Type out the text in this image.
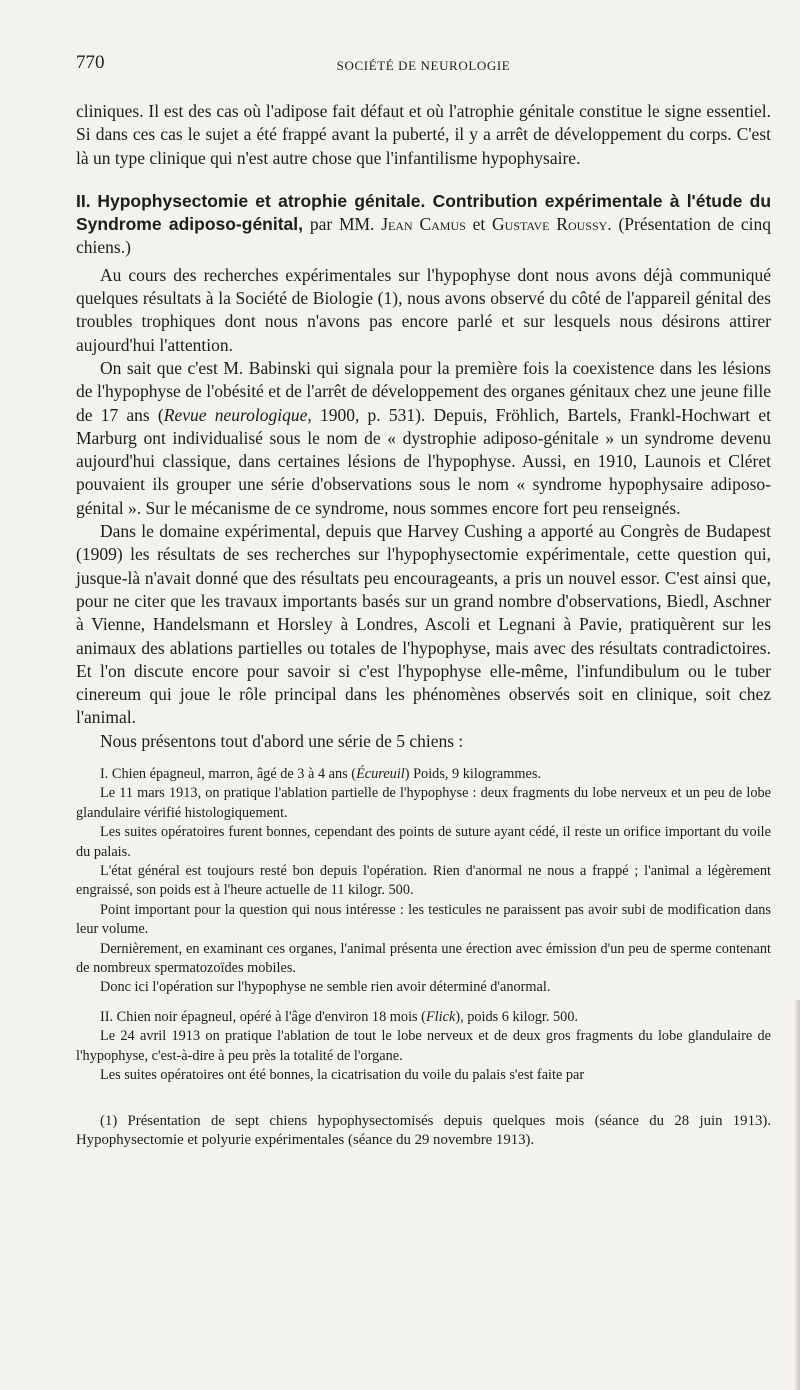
770	SOCIÉTÉ DE NEUROLOGIE

cliniques. Il est des cas où l'adipose fait défaut et où l'atrophie génitale constitue le signe essentiel. Si dans ces cas le sujet a été frappé avant la puberté, il y a arrêt de développement du corps. C'est là un type clinique qui n'est autre chose que l'infantilisme hypophysaire.

II. Hypophysectomie et atrophie génitale. Contribution expérimentale à l'étude du Syndrome adiposo-génital, par MM. Jean Camus et Gustave Roussy. (Présentation de cinq chiens.)

Au cours des recherches expérimentales sur l'hypophyse dont nous avons déjà communiqué quelques résultats à la Société de Biologie (1), nous avons observé du côté de l'appareil génital des troubles trophiques dont nous n'avons pas encore parlé et sur lesquels nous désirons attirer aujourd'hui l'attention.

On sait que c'est M. Babinski qui signala pour la première fois la coexistence dans les lésions de l'hypophyse de l'obésité et de l'arrêt de développement des organes génitaux chez une jeune fille de 17 ans (Revue neurologique, 1900, p. 531). Depuis, Fröhlich, Bartels, Frankl-Hochwart et Marburg ont individualisé sous le nom de « dystrophie adiposo-génitale » un syndrome devenu aujourd'hui classique, dans certaines lésions de l'hypophyse. Aussi, en 1910, Launois et Cléret pouvaient ils grouper une série d'observations sous le nom « syndrome hypophysaire adiposo-génital ». Sur le mécanisme de ce syndrome, nous sommes encore fort peu renseignés.

Dans le domaine expérimental, depuis que Harvey Cushing a apporté au Congrès de Budapest (1909) les résultats de ses recherches sur l'hypophysectomie expérimentale, cette question qui, jusque-là n'avait donné que des résultats peu encourageants, a pris un nouvel essor. C'est ainsi que, pour ne citer que les travaux importants basés sur un grand nombre d'observations, Biedl, Aschner à Vienne, Handelsmann et Horsley à Londres, Ascoli et Legnani à Pavie, pratiquèrent sur les animaux des ablations partielles ou totales de l'hypophyse, mais avec des résultats contradictoires. Et l'on discute encore pour savoir si c'est l'hypophyse elle-même, l'infundibulum ou le tuber cinereum qui joue le rôle principal dans les phénomènes observés soit en clinique, soit chez l'animal.

Nous présentons tout d'abord une série de 5 chiens :

I. Chien épagneul, marron, âgé de 3 à 4 ans (Écureuil) Poids, 9 kilogrammes.

Le 11 mars 1913, on pratique l'ablation partielle de l'hypophyse : deux fragments du lobe nerveux et un peu de lobe glandulaire vérifié histologiquement.

Les suites opératoires furent bonnes, cependant des points de suture ayant cédé, il reste un orifice important du voile du palais.

L'état général est toujours resté bon depuis l'opération. Rien d'anormal ne nous a frappé ; l'animal a légèrement engraissé, son poids est à l'heure actuelle de 11 kilogr. 500.

Point important pour la question qui nous intéresse : les testicules ne paraissent pas avoir subi de modification dans leur volume.

Dernièrement, en examinant ces organes, l'animal présenta une érection avec émission d'un peu de sperme contenant de nombreux spermatozoïdes mobiles.

Donc ici l'opération sur l'hypophyse ne semble rien avoir déterminé d'anormal.

II. Chien noir épagneul, opéré à l'âge d'environ 18 mois (Flick), poids 6 kilogr. 500.

Le 24 avril 1913 on pratique l'ablation de tout le lobe nerveux et de deux gros fragments du lobe glandulaire de l'hypophyse, c'est-à-dire à peu près la totalité de l'organe.

Les suites opératoires ont été bonnes, la cicatrisation du voile du palais s'est faite par

(1) Présentation de sept chiens hypophysectomisés depuis quelques mois (séance du 28 juin 1913). Hypophysectomie et polyurie expérimentales (séance du 29 novembre 1913).
